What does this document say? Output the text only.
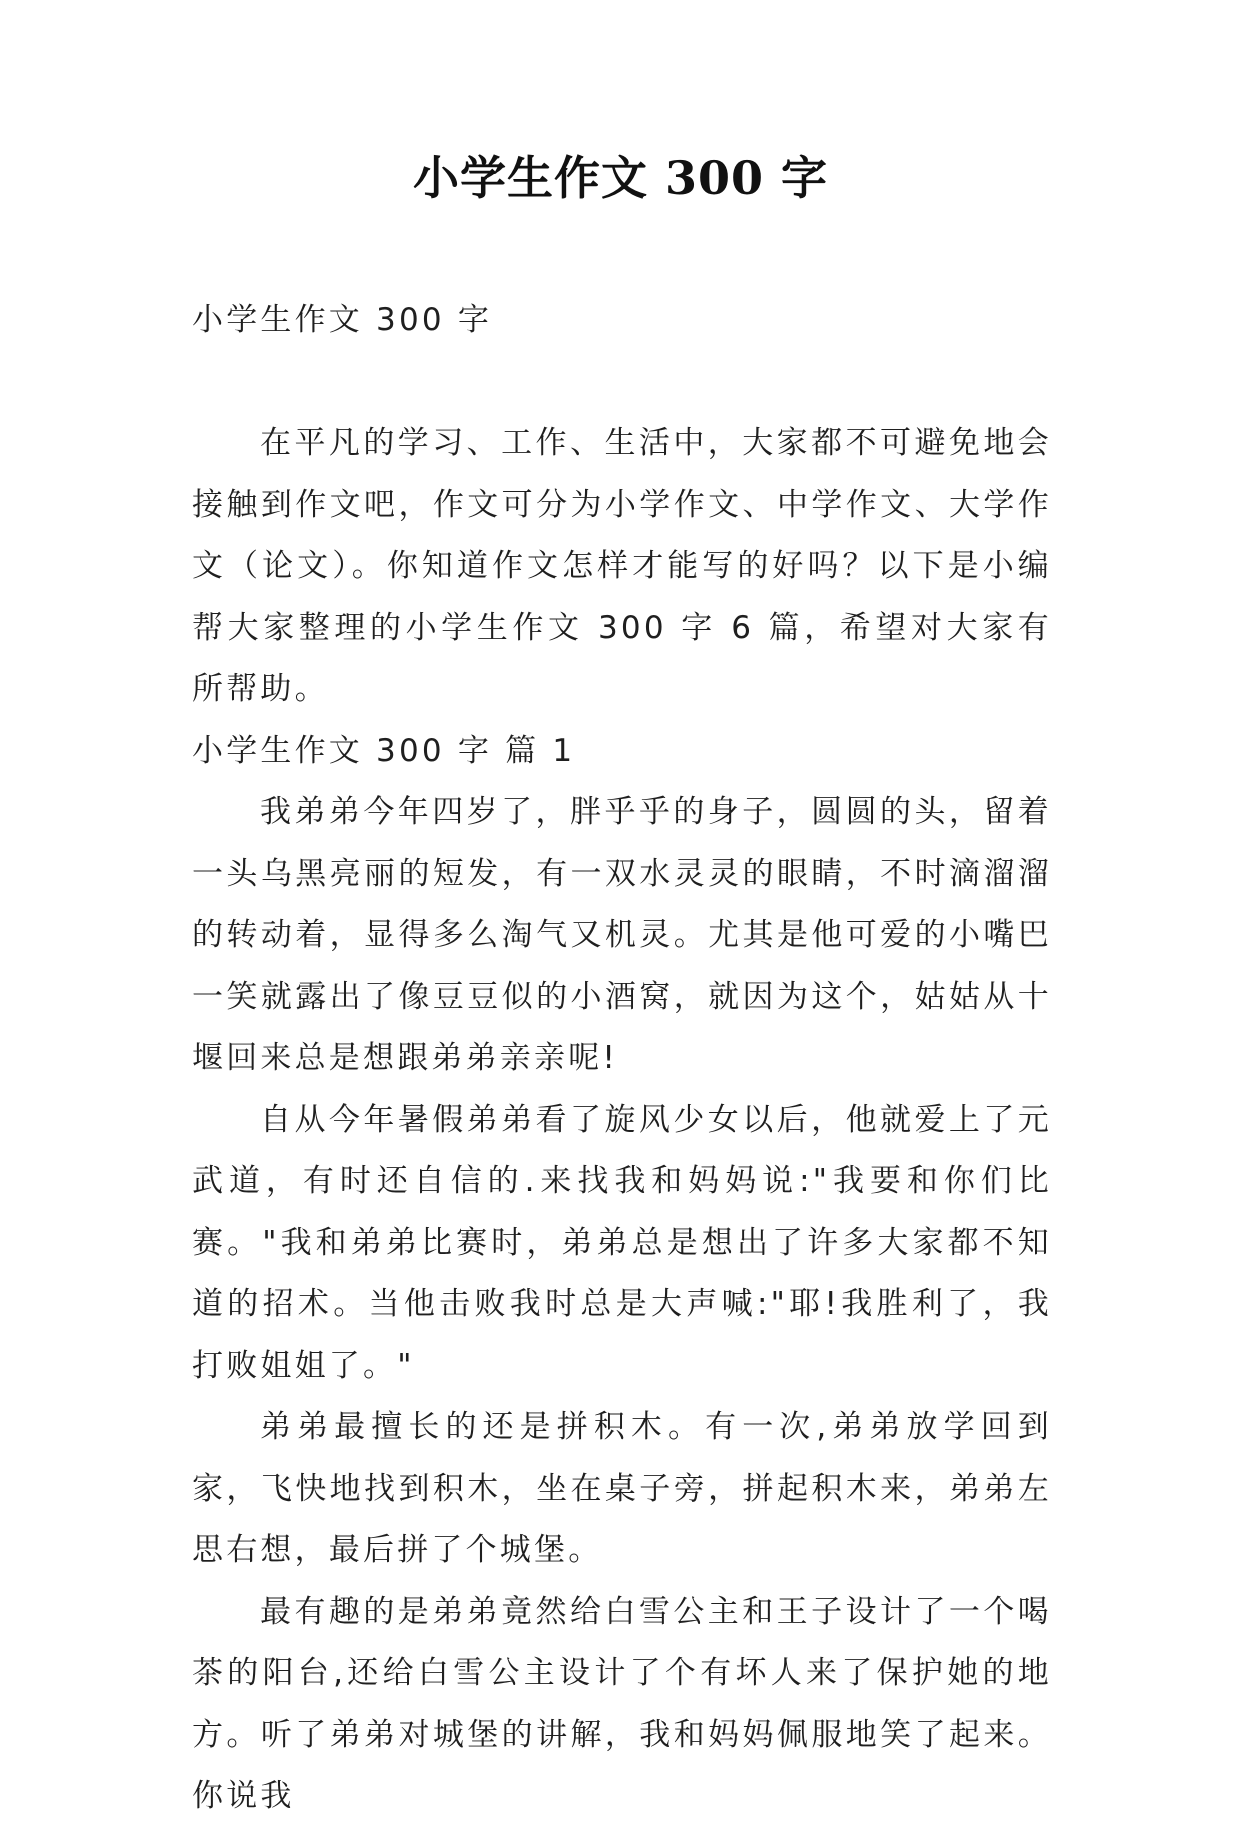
小学生作文 300 字

小学生作文 300 字

在平凡的学习、工作、生活中，大家都不可避免地会接触到作文吧，作文可分为小学作文、中学作文、大学作文（论文）。你知道作文怎样才能写的好吗？以下是小编帮大家整理的小学生作文 300 字 6 篇，希望对大家有所帮助。

小学生作文 300 字 篇 1

我弟弟今年四岁了，胖乎乎的身子，圆圆的头，留着一头乌黑亮丽的短发，有一双水灵灵的眼睛，不时滴溜溜的转动着，显得多么淘气又机灵。尤其是他可爱的小嘴巴一笑就露出了像豆豆似的小酒窝，就因为这个，姑姑从十堰回来总是想跟弟弟亲亲呢!

自从今年暑假弟弟看了旋风少女以后，他就爱上了元武道，有时还自信的.来找我和妈妈说:"我要和你们比赛。"我和弟弟比赛时，弟弟总是想出了许多大家都不知道的招术。当他击败我时总是大声喊:"耶!我胜利了，我打败姐姐了。"

弟弟最擅长的还是拼积木。有一次,弟弟放学回到家，飞快地找到积木，坐在桌子旁，拼起积木来，弟弟左思右想，最后拼了个城堡。

最有趣的是弟弟竟然给白雪公主和王子设计了一个喝茶的阳台,还给白雪公主设计了个有坏人来了保护她的地方。听了弟弟对城堡的讲解，我和妈妈佩服地笑了起来。你说我
